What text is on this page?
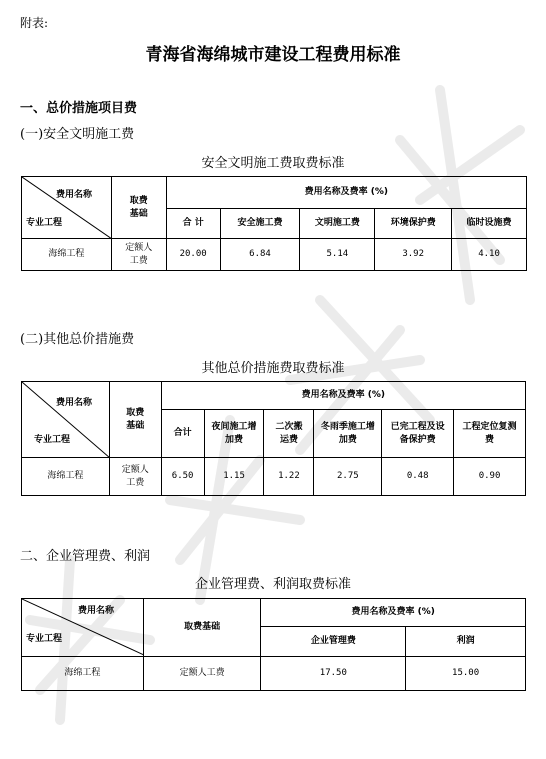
附表:
青海省海绵城市建设工程费用标准
一、总价措施项目费
(一)安全文明施工费
安全文明施工费取费标准
费用名称
专业工程	取费基础	费用名称及费率 (%)				
		合 计	安全施工费	文明施工费	环境保护费	临时设施费
海绵工程	定额人工费	20.00	6.84	5.14	3.92	4.10
(二)其他总价措施费
其他总价措施费取费标准
费用名称
专业工程	取费基础	费用名称及费率 (%)					
		合计	夜间施工增加费	二次搬运费	冬雨季施工增加费	已完工程及设备保护费	工程定位复测费
海绵工程	定额人工费	6.50	1.15	1.22	2.75	0.48	0.90
二、企业管理费、利润
企业管理费、利润取费标准
费用名称
专业工程	取费基础	费用名称及费率 (%)	
		企业管理费	利润
海绵工程	定额人工费	17.50	15.00
